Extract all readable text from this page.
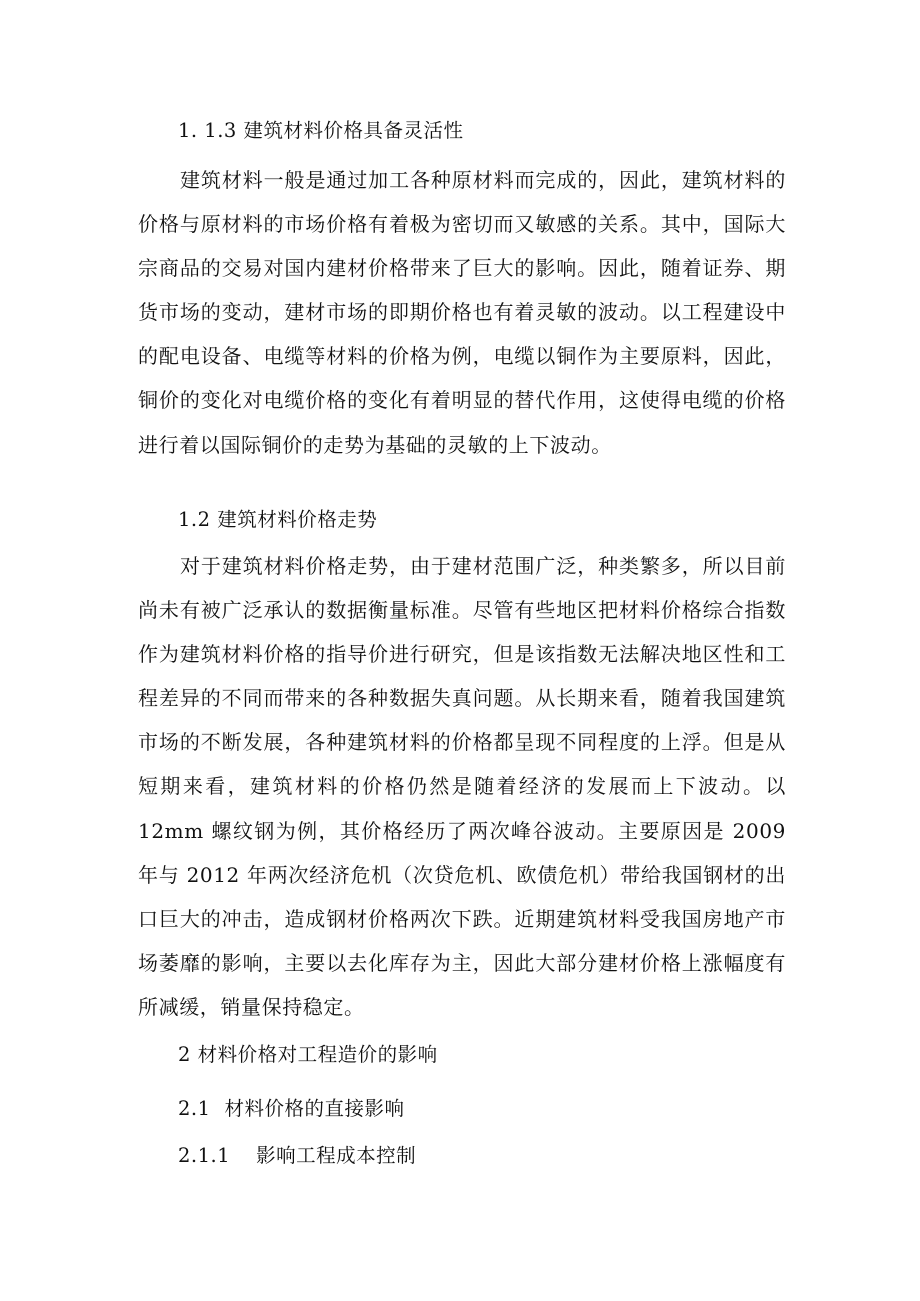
1. 1.3 建筑材料价格具备灵活性

建筑材料一般是通过加工各种原材料而完成的，因此，建筑材料的价格与原材料的市场价格有着极为密切而又敏感的关系。其中，国际大宗商品的交易对国内建材价格带来了巨大的影响。因此，随着证券、期货市场的变动，建材市场的即期价格也有着灵敏的波动。以工程建设中的配电设备、电缆等材料的价格为例，电缆以铜作为主要原料，因此，铜价的变化对电缆价格的变化有着明显的替代作用，这使得电缆的价格进行着以国际铜价的走势为基础的灵敏的上下波动。

1.2 建筑材料价格走势

对于建筑材料价格走势，由于建材范围广泛，种类繁多，所以目前尚未有被广泛承认的数据衡量标准。尽管有些地区把材料价格综合指数作为建筑材料价格的指导价进行研究，但是该指数无法解决地区性和工程差异的不同而带来的各种数据失真问题。从长期来看，随着我国建筑市场的不断发展，各种建筑材料的价格都呈现不同程度的上浮。但是从短期来看，建筑材料的价格仍然是随着经济的发展而上下波动。以 12mm 螺纹钢为例，其价格经历了两次峰谷波动。主要原因是 2009 年与 2012 年两次经济危机（次贷危机、欧债危机）带给我国钢材的出口巨大的冲击，造成钢材价格两次下跌。近期建筑材料受我国房地产市场萎靡的影响，主要以去化库存为主，因此大部分建材价格上涨幅度有所减缓，销量保持稳定。

2 材料价格对工程造价的影响
2.1 材料价格的直接影响
2.1.1 影响工程成本控制
